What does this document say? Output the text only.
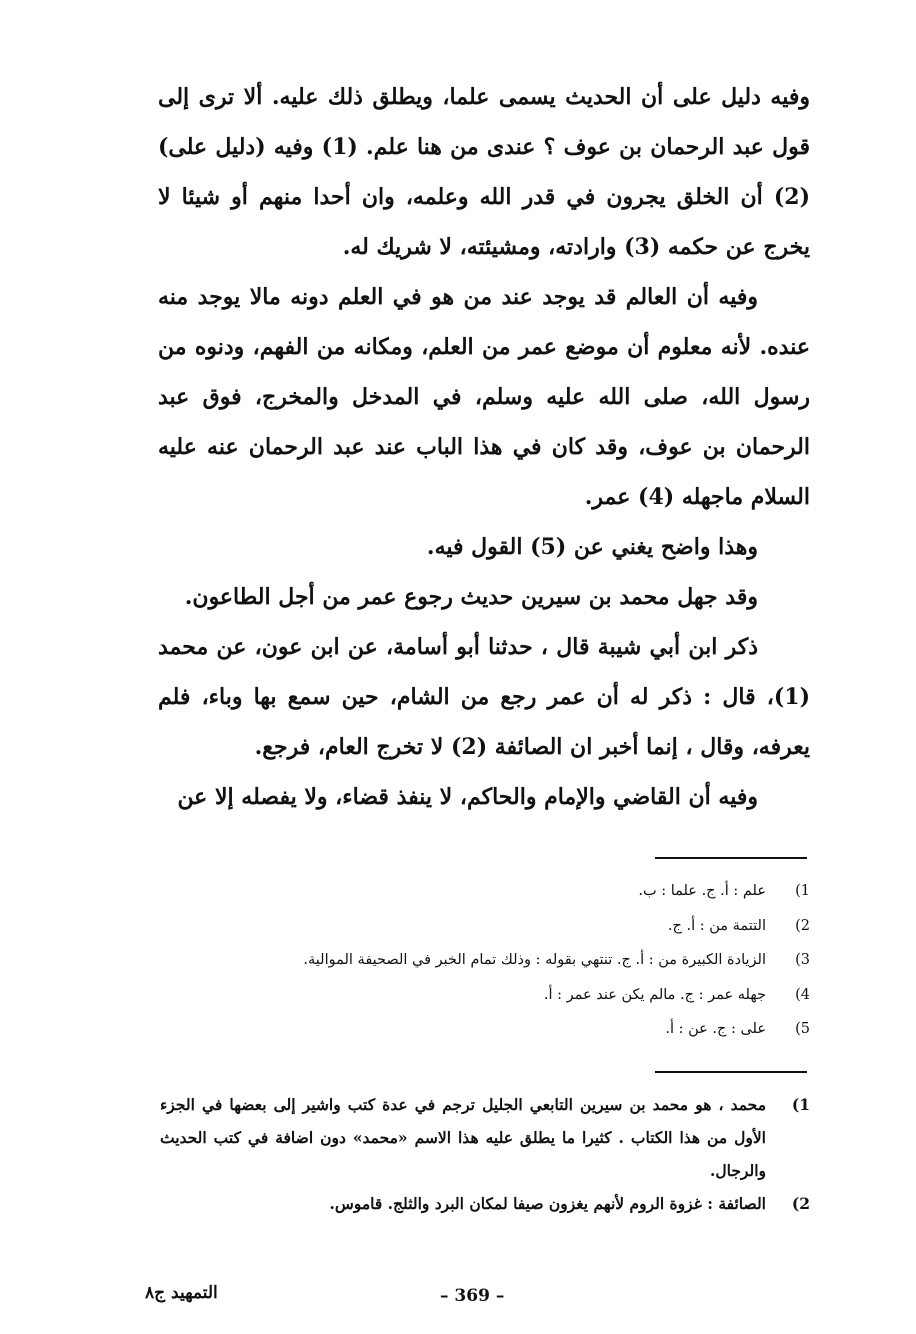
وفيه دليل على أن الحديث يسمى علما، ويطلق ذلك عليه. ألا ترى إلى قول عبد الرحمان بن عوف ؟ عندى من هنا علم. (1) وفيه (دليل على) (2) أن الخلق يجرون في قدر الله وعلمه، وان أحدا منهم أو شيئا لا يخرج عن حكمه (3) وارادته، ومشيئته، لا شريك له.

وفيه أن العالم قد يوجد عند من هو في العلم دونه مالا يوجد منه عنده. لأنه معلوم أن موضع عمر من العلم، ومكانه من الفهم، ودنوه من رسول الله، صلى الله عليه وسلم، في المدخل والمخرج، فوق عبد الرحمان بن عوف، وقد كان في هذا الباب عند عبد الرحمان عنه عليه السلام ماجهله (4) عمر.

وهذا واضح يغني عن (5) القول فيه.

وقد جهل محمد بن سيرين حديث رجوع عمر من أجل الطاعون.

ذكر ابن أبي شيبة قال ، حدثنا أبو أسامة، عن ابن عون، عن محمد (1)، قال : ذكر له أن عمر رجع من الشام، حين سمع بها وباء، فلم يعرفه، وقال ، إنما أخبر ان الصائفة (2) لا تخرج العام، فرجع.

وفيه أن القاضي والإمام والحاكم، لا ينفذ قضاء، ولا يفصله إلا عن

1)
علم : أ. ج. علما : ب.
2)
التتمة من : أ. ج.
3)
الزيادة الكبيرة من : أ. ج. تنتهي بقوله : وذلك تمام الخبر في الصحيفة الموالية.
4)
جهله عمر : ج. مالم يكن عند عمر : أ.
5)
على : ج. عن : أ.
1)
محمد ، هو محمد بن سيرين التابعي الجليل ترجم في عدة كتب واشير إلى بعضها في الجزء الأول من هذا الكتاب . كثيرا ما يطلق عليه هذا الاسم «محمد» دون اضافة في كتب الحديث والرجال.
2)
الصائفة : غزوة الروم لأنهم يغزون صيفا لمكان البرد والثلج. قاموس.
التمهيد ج٨	– 369 –
